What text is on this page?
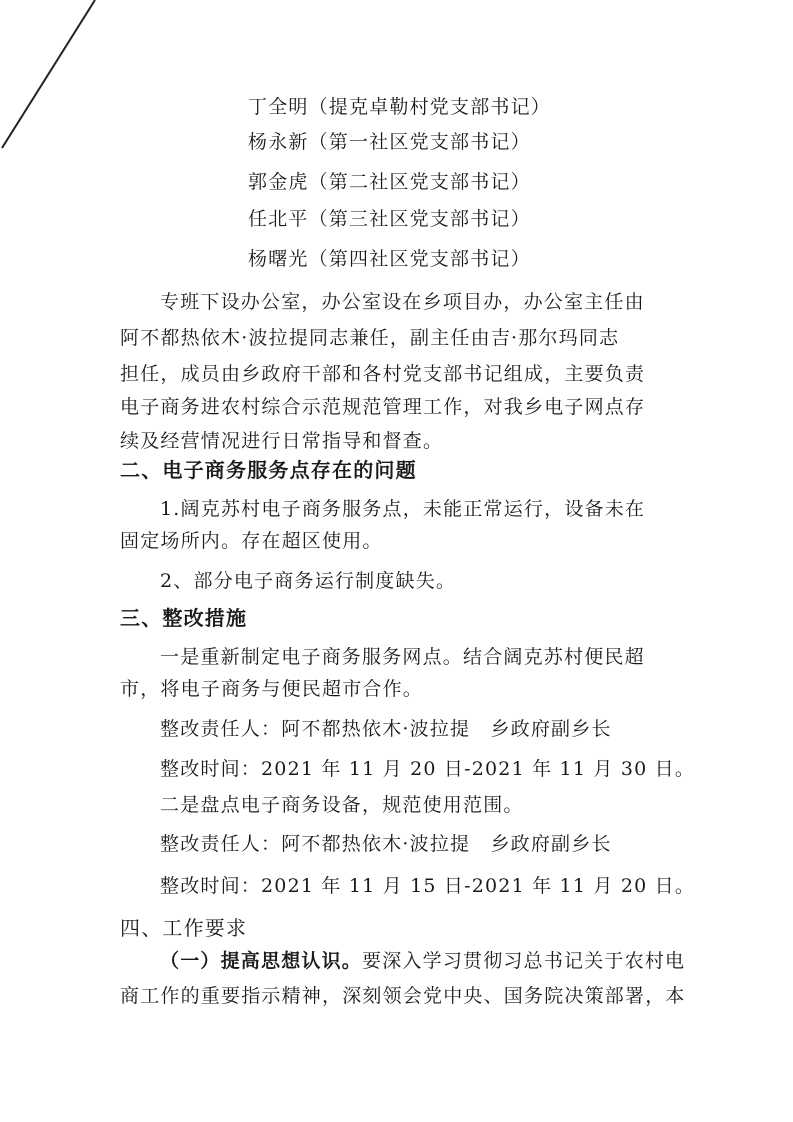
丁全明（提克卓勒村党支部书记）
杨永新（第一社区党支部书记）
郭金虎（第二社区党支部书记）
任北平（第三社区党支部书记）
杨曙光（第四社区党支部书记）
专班下设办公室，办公室设在乡项目办，办公室主任由
阿不都热依木·波拉提同志兼任，副主任由吉·那尔玛同志
担任，成员由乡政府干部和各村党支部书记组成，主要负责
电子商务进农村综合示范规范管理工作，对我乡电子网点存
续及经营情况进行日常指导和督查。
二、电子商务服务点存在的问题
1.阔克苏村电子商务服务点，未能正常运行，设备未在
固定场所内。存在超区使用。
2、部分电子商务运行制度缺失。
三、整改措施
一是重新制定电子商务服务网点。结合阔克苏村便民超
市，将电子商务与便民超市合作。
整改责任人：阿不都热依木·波拉提　乡政府副乡长
整改时间：2021 年 11 月 20 日-2021 年 11 月 30 日。
二是盘点电子商务设备，规范使用范围。
整改责任人：阿不都热依木·波拉提　乡政府副乡长
整改时间：2021 年 11 月 15 日-2021 年 11 月 20 日。
四、工作要求
（一）提高思想认识。要深入学习贯彻习总书记关于农村电
商工作的重要指示精神，深刻领会党中央、国务院决策部署，本
